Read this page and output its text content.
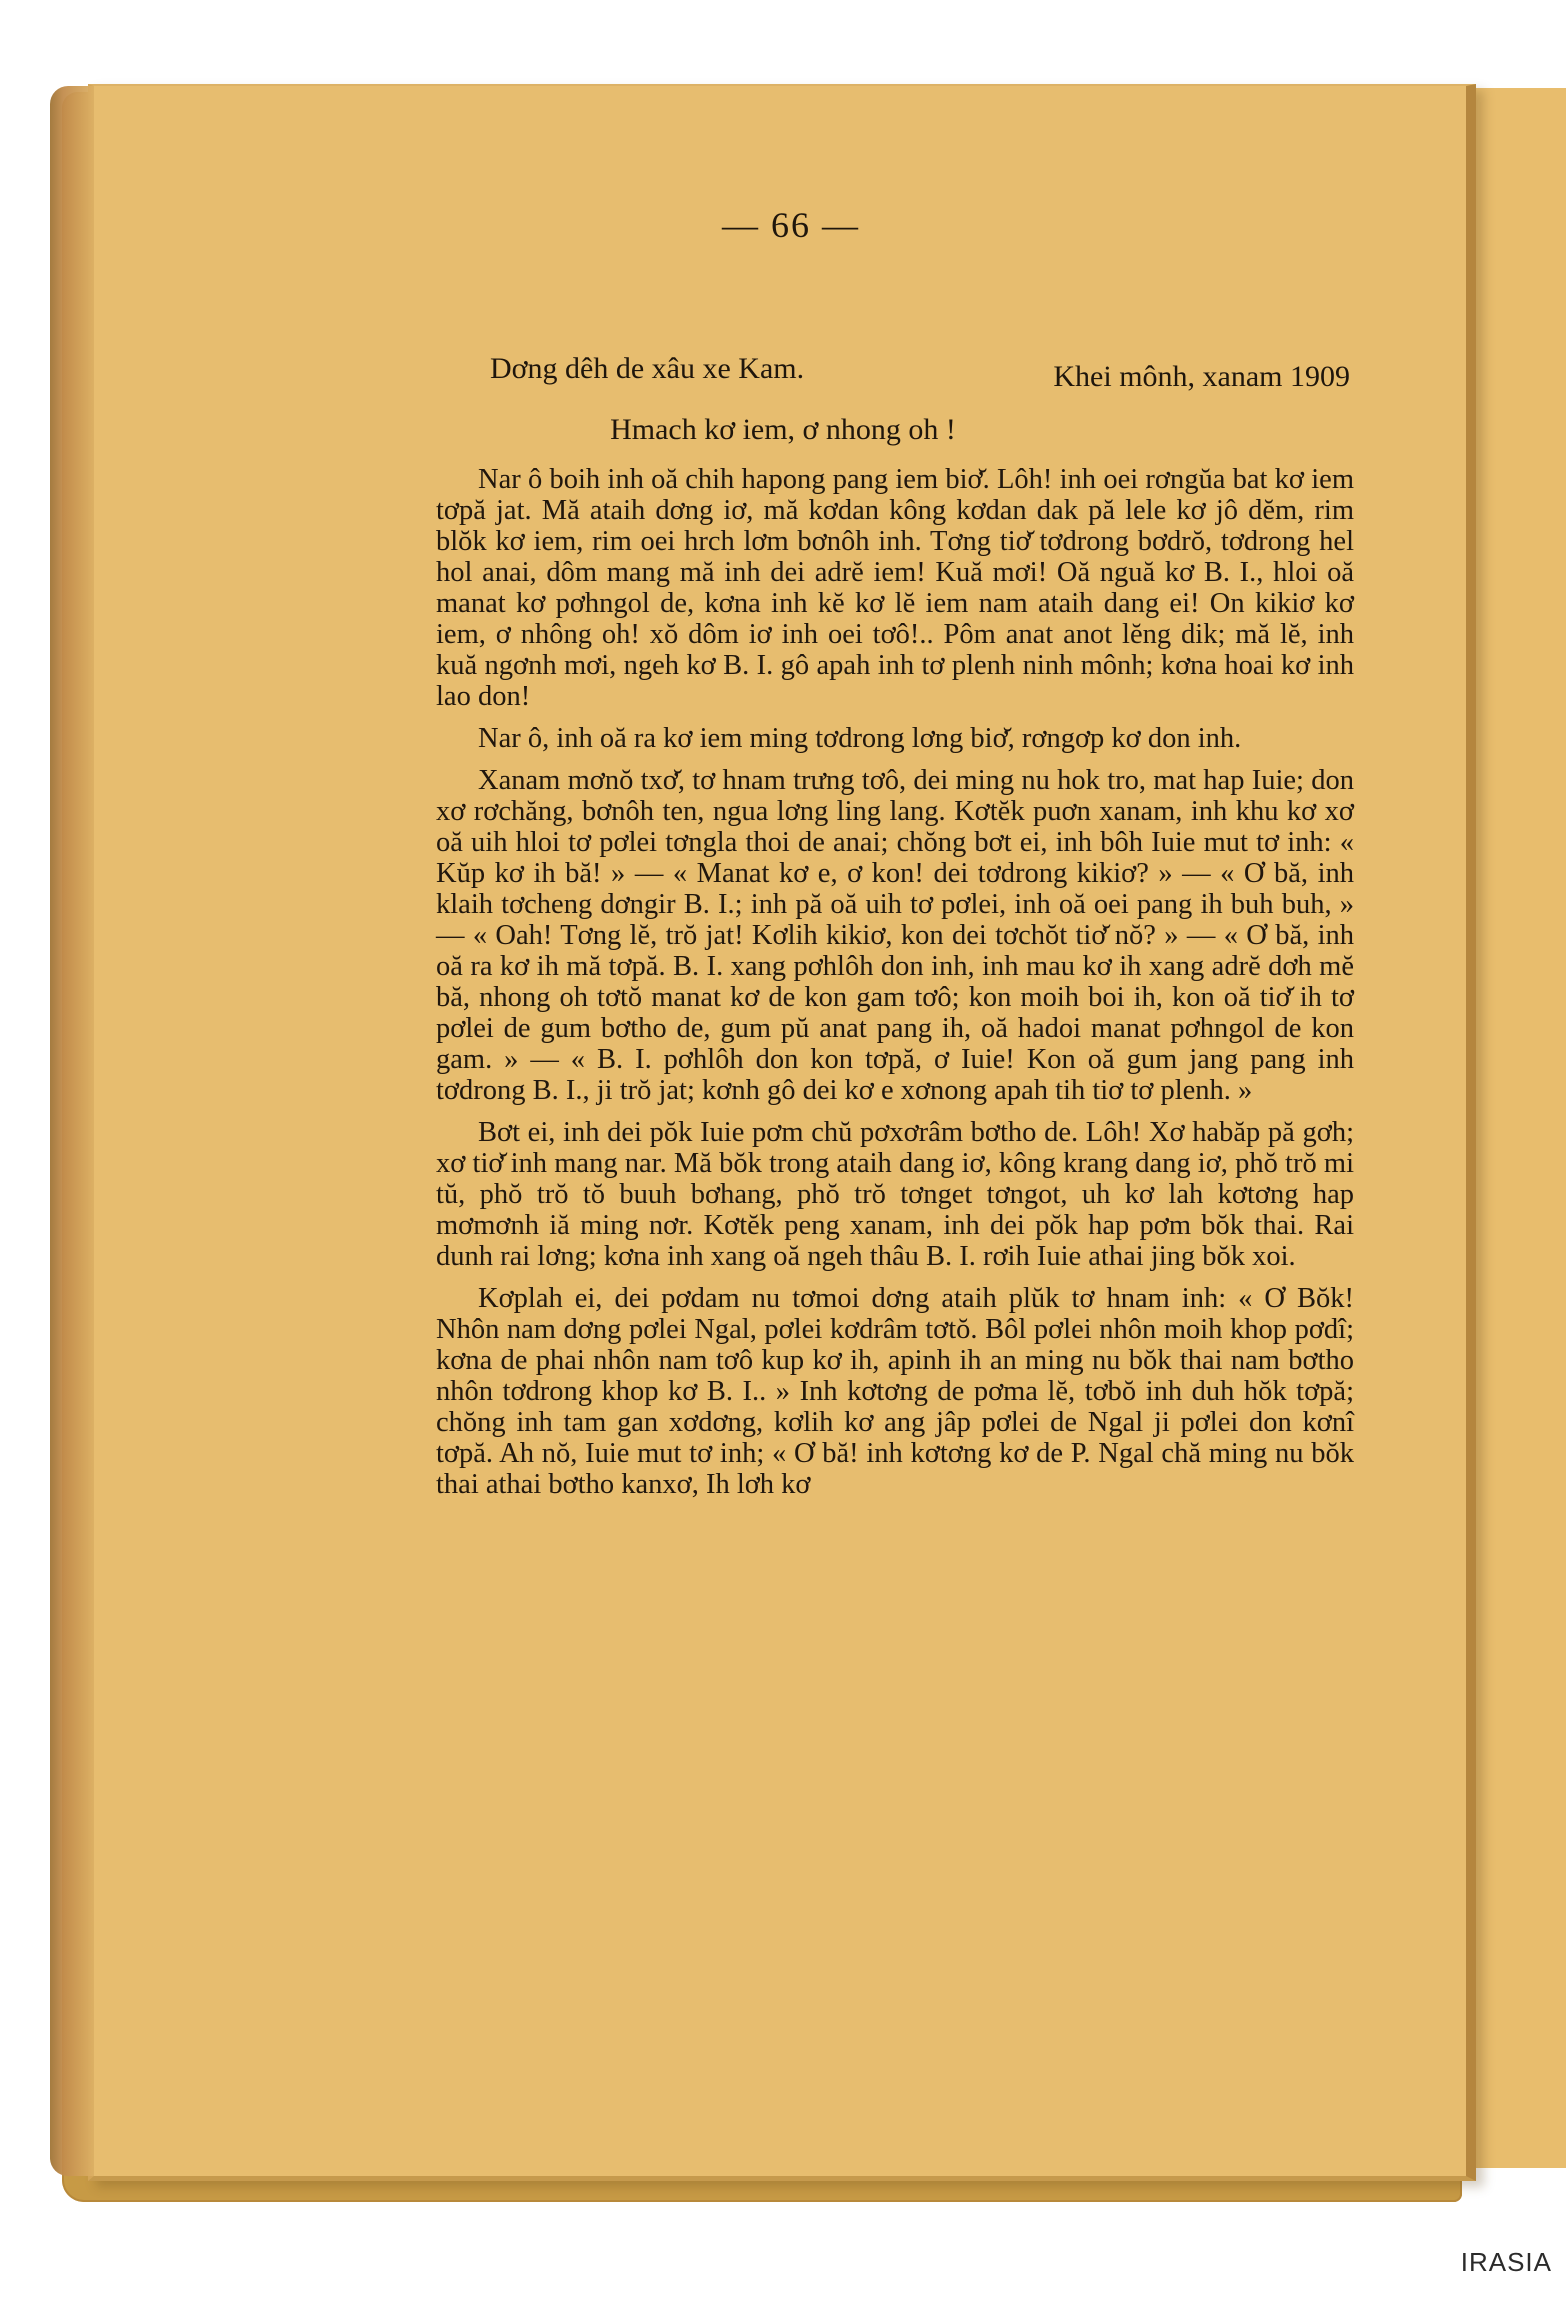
— 66 —
Dơng dêh de xâu xe Kam.	Khei mônh, xanam 1909
Hmach kơ iem, ơ nhong oh !

Nar ô boih inh oă chih hapong pang iem biơ̆. Lôh! inh oei rơngŭa bat kơ iem tơpă jat. Mă ataih dơng iơ, mă kơdan kông kơdan dak pă lele kơ jô dĕm, rim blŏk kơ iem, rim oei hrch lơm bơnôh inh. Tơng tiơ̆ tơdrong bơdrŏ, tơdrong hel hol anai, dôm mang mă inh dei adrĕ iem! Kuă mơi! Oă nguă kơ B. I., hloi oă manat kơ pơhngol de, kơna inh kĕ kơ lĕ iem nam ataih dang ei! On kikiơ kơ iem, ơ nhông oh! xŏ dôm iơ inh oei tơô!.. Pôm anat anot lĕng dik; mă lĕ, inh kuă ngơnh mơi, ngeh kơ B. I. gô apah inh tơ plenh ninh mônh; kơna hoai kơ inh lao don!

Nar ô, inh oă ra kơ iem ming tơdrong lơng biơ̆, rơngơp kơ don inh.

Xanam mơnŏ txơ̆, tơ hnam trưng tơô, dei ming nu hok tro, mat hap Iuie; don xơ rơchăng, bơnôh ten, ngua lơng ling lang. Kơtĕk puơn xanam, inh khu kơ xơ oă uih hloi tơ pơlei tơngla thoi de anai; chŏng bơt ei, inh bôh Iuie mut tơ inh: « Kŭp kơ ih bă! » — « Manat kơ e, ơ kon! dei tơdrong kikiơ? » — « Ơ bă, inh klaih tơcheng dơngir B. I.; inh pă oă uih tơ pơlei, inh oă oei pang ih buh buh, » — « Oah! Tơng lĕ, trŏ jat! Kơlih kikiơ, kon dei tơchŏt tiơ̆ nŏ? » — « Ơ bă, inh oă ra kơ ih mă tơpă. B. I. xang pơhlôh don inh, inh mau kơ ih xang adrĕ dơh mĕ bă, nhong oh tơtŏ manat kơ de kon gam tơô; kon moih boi ih, kon oă tiơ̆ ih tơ pơlei de gum bơtho de, gum pŭ anat pang ih, oă hadoi manat pơhngol de kon gam. » — « B. I. pơhlôh don kon tơpă, ơ Iuie! Kon oă gum jang pang inh tơdrong B. I., ji trŏ jat; kơnh gô dei kơ e xơnong apah tih tiơ tơ plenh. »

Bơt ei, inh dei pŏk Iuie pơm chŭ pơxơrâm bơtho de. Lôh! Xơ habăp pă gơh; xơ tiơ̆ inh mang nar. Mă bŏk trong ataih dang iơ, kông krang dang iơ, phŏ trŏ mi tŭ, phŏ trŏ tŏ buuh bơhang, phŏ trŏ tơnget tơngot, uh kơ lah kơtơng hap mơmơnh iă ming nơr. Kơtĕk peng xanam, inh dei pŏk hap pơm bŏk thai. Rai dunh rai lơng; kơna inh xang oă ngeh thâu B. I. rơih Iuie athai jing bŏk xoi.

Kơplah ei, dei pơdam nu tơmoi dơng ataih plŭk tơ hnam inh: « Ơ Bŏk! Nhôn nam dơng pơlei Ngal, pơlei kơdrâm tơtŏ. Bôl pơlei nhôn moih khop pơdî; kơna de phai nhôn nam tơô kup kơ ih, apinh ih an ming nu bŏk thai nam bơtho nhôn tơdrong khop kơ B. I.. » Inh kơtơng de pơma lĕ, tơbŏ inh duh hŏk tơpă; chŏng inh tam gan xơdơng, kơlih kơ ang jâp pơlei de Ngal ji pơlei don kơnî tơpă. Ah nŏ, Iuie mut tơ inh; « Ơ bă! inh kơtơng kơ de P. Ngal chă ming nu bŏk thai athai bơtho kanxơ, Ih lơh kơ

IRASIA
